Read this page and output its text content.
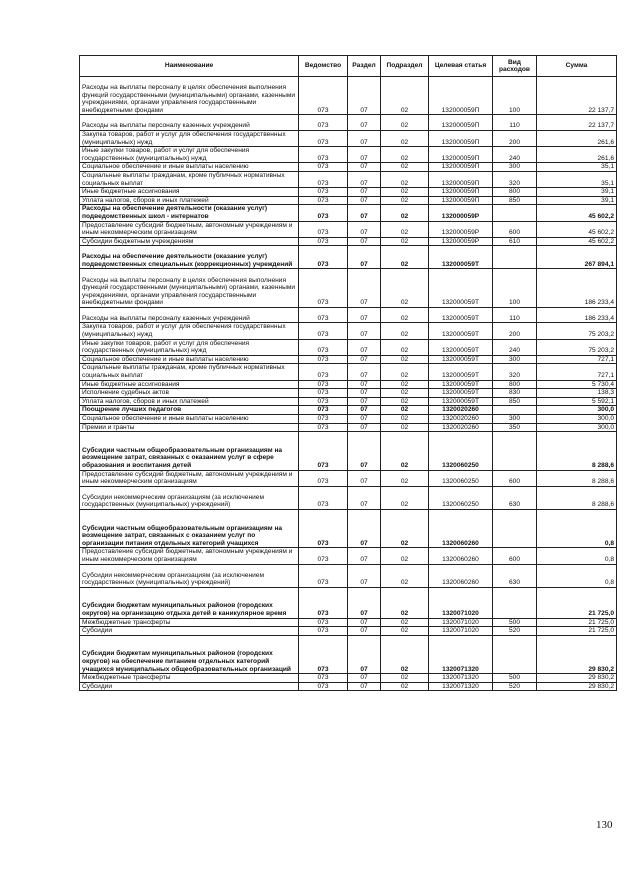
Наименование	Ведомство	Раздел	Подраздел	Целевая статья	Вид расходов	Сумма
Расходы на выплаты персоналу в целях обеспечения выполнения функций государственными (муниципальными) органами, казенными учреждениями, органами управления государственными внебюджетными фондами	073	07	02	132000059П	100	22 137,7
Расходы на выплаты персоналу казенных учреждений	073	07	02	132000059П	110	22 137,7
Закупка товаров, работ и услуг для обеспечения государственных (муниципальных) нужд	073	07	02	132000059П	200	261,6
Иные закупки товаров, работ и услуг для обеспечения государственных (муниципальных) нужд	073	07	02	132000059П	240	261,6
Социальное обеспечение и иные выплаты населению	073	07	02	132000059П	300	35,1
Социальные выплаты гражданам, кроме публичных нормативных социальных выплат	073	07	02	132000059П	320	35,1
Иные бюджетные ассигнования	073	07	02	132000059П	800	39,1
Уплата налогов, сборов и иных платежей	073	07	02	132000059П	850	39,1
Расходы на обеспечение деятельности (оказание услуг) подведомственных школ - интернатов	073	07	02	132000059Р		45 602,2
Предоставление субсидий бюджетным, автономным учреждениям и иным некоммерческим организациям	073	07	02	132000059Р	600	45 602,2
Субсидии бюджетным учреждениям	073	07	02	132000059Р	610	45 602,2
Расходы на обеспечение деятельности (оказание услуг) подведомственных специальных (коррекционных) учреждений	073	07	02	132000059Т		267 894,1
Расходы на выплаты персоналу в целях обеспечения выполнения функций государственными (муниципальными) органами, казенными учреждениями, органами управления государственными внебюджетными фондами	073	07	02	132000059Т	100	186 233,4
Расходы на выплаты персоналу казенных учреждений	073	07	02	132000059Т	110	186 233,4
Закупка товаров, работ и услуг для обеспечения государственных (муниципальных) нужд	073	07	02	132000059Т	200	75 203,2
Иные закупки товаров, работ и услуг для обеспечения государственных (муниципальных) нужд	073	07	02	132000059Т	240	75 203,2
Социальное обеспечение и иные выплаты населению	073	07	02	132000059Т	300	727,1
Социальные выплаты гражданам, кроме публичных нормативных социальных выплат	073	07	02	132000059Т	320	727,1
Иные бюджетные ассигнования	073	07	02	132000059Т	800	5 730,4
Исполнение судебных актов	073	07	02	132000059Т	830	138,3
Уплата налогов, сборов и иных платежей	073	07	02	132000059Т	850	5 592,1
Поощрение лучших педагогов	073	07	02	1320020260		300,0
Социальное обеспечение и иные выплаты населению	073	07	02	1320020260	300	300,0
Премии и гранты	073	07	02	1320020260	350	300,0
Субсидии частным общеобразовательным организациям на возмещение затрат, связанных с оказанием услуг в сфере образования и воспитания детей	073	07	02	1320060250		8 288,6
Предоставление субсидий бюджетным, автономным учреждениям и иным некоммерческим организациям	073	07	02	1320060250	600	8 288,6
Субсидии некоммерческим организациям (за исключением государственных (муниципальных) учреждений)	073	07	02	1320060250	630	8 288,6
Субсидии частным общеобразовательным организациям на возмещение затрат, связанных с оказанием услуг по организации питания отдельных категорий учащихся	073	07	02	1320060260		0,8
Предоставление субсидий бюджетным, автономным учреждениям и иным некоммерческим организациям	073	07	02	1320060260	600	0,8
Субсидии некоммерческим организациям (за исключением государственных (муниципальных) учреждений)	073	07	02	1320060260	630	0,8
Субсидии бюджетам муниципальных районов (городских округов) на организацию отдыха детей в каникулярное время	073	07	02	1320071020		21 725,0
Межбюджетные трансферты	073	07	02	1320071020	500	21 725,0
Субсидии	073	07	02	1320071020	520	21 725,0
Субсидии бюджетам муниципальных районов (городских округов) на обеспечение питанием отдельных категорий учащихся муниципальных общеобразовательных организаций	073	07	02	1320071320		29 830,2
Межбюджетные трансферты	073	07	02	1320071320	500	29 830,2
Субсидии	073	07	02	1320071320	520	29 830,2
130
